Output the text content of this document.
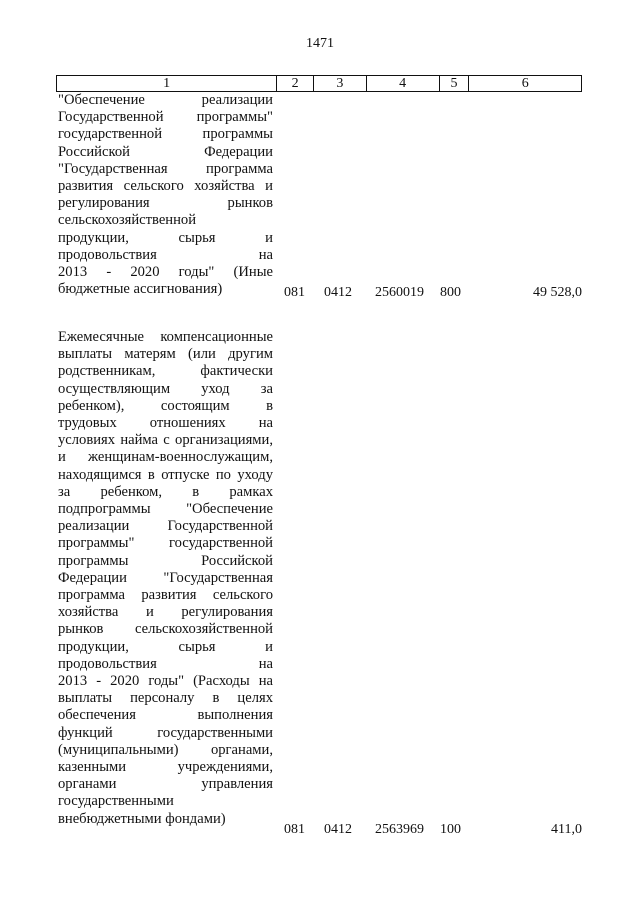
1471
1	2	3	4	5	6
"Обеспечение реализации
Государственной программы"
государственной программы
Российской Федерации
"Государственная программа
развития сельского хозяйства и
регулирования рынков
сельскохозяйственной
продукции, сырья и
продовольствия на
2013 - 2020 годы" (Иные
бюджетные ассигнования)	081 0412 2560019 800	49 528,0
Ежемесячные компенсационные
выплаты матерям (или другим
родственникам, фактически
осуществляющим уход за
ребенком), состоящим в
трудовых отношениях на
условиях найма с организациями,
и женщинам-военнослужащим,
находящимся в отпуске по уходу
за ребенком, в рамках
подпрограммы "Обеспечение
реализации Государственной
программы" государственной
программы Российской
Федерации "Государственная
программа развития сельского
хозяйства и регулирования
рынков сельскохозяйственной
продукции, сырья и
продовольствия на
2013 - 2020 годы" (Расходы на
выплаты персоналу в целях
обеспечения выполнения
функций государственными
(муниципальными) органами,
казенными учреждениями,
органами управления
государственными
внебюджетными фондами)
081 0412 2563969 100	411,0
